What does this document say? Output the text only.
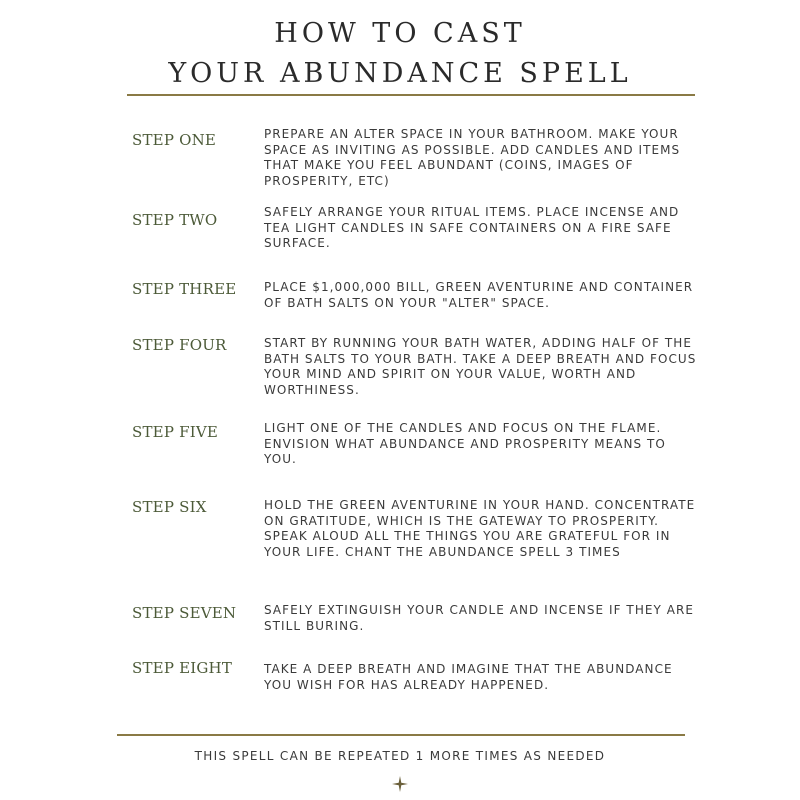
HOW TO CAST
YOUR ABUNDANCE SPELL
STEP ONE	PREPARE AN ALTER SPACE IN YOUR BATHROOM. MAKE YOUR SPACE AS INVITING AS POSSIBLE. ADD CANDLES AND ITEMS THAT MAKE YOU FEEL ABUNDANT (COINS, IMAGES OF PROSPERITY, ETC)
STEP TWO	SAFELY ARRANGE YOUR RITUAL ITEMS. PLACE INCENSE AND TEA LIGHT CANDLES IN SAFE CONTAINERS ON A FIRE SAFE SURFACE.
STEP THREE PLACE $1,000,000 BILL, GREEN AVENTURINE AND CONTAINER OF BATH SALTS ON YOUR "ALTER" SPACE.
STEP FOUR	START BY RUNNING YOUR BATH WATER, ADDING HALF OF THE BATH SALTS TO YOUR BATH. TAKE A DEEP BREATH AND FOCUS YOUR MIND AND SPIRIT ON YOUR VALUE, WORTH AND WORTHINESS.
STEP FIVE	LIGHT ONE OF THE CANDLES AND FOCUS ON THE FLAME. ENVISION WHAT ABUNDANCE AND PROSPERITY MEANS TO YOU.
STEP SIX	HOLD THE GREEN AVENTURINE IN YOUR HAND. CONCENTRATE ON GRATITUDE, WHICH IS THE GATEWAY TO PROSPERITY. SPEAK ALOUD ALL THE THINGS YOU ARE GRATEFUL FOR IN YOUR LIFE. CHANT THE ABUNDANCE SPELL 3 TIMES
STEP SEVEN SAFELY EXTINGUISH YOUR CANDLE AND INCENSE IF THEY ARE STILL BURING.
STEP EIGHT	TAKE A DEEP BREATH AND IMAGINE THAT THE ABUNDANCE YOU WISH FOR HAS ALREADY HAPPENED.
THIS SPELL CAN BE REPEATED 1 MORE TIMES AS NEEDED
